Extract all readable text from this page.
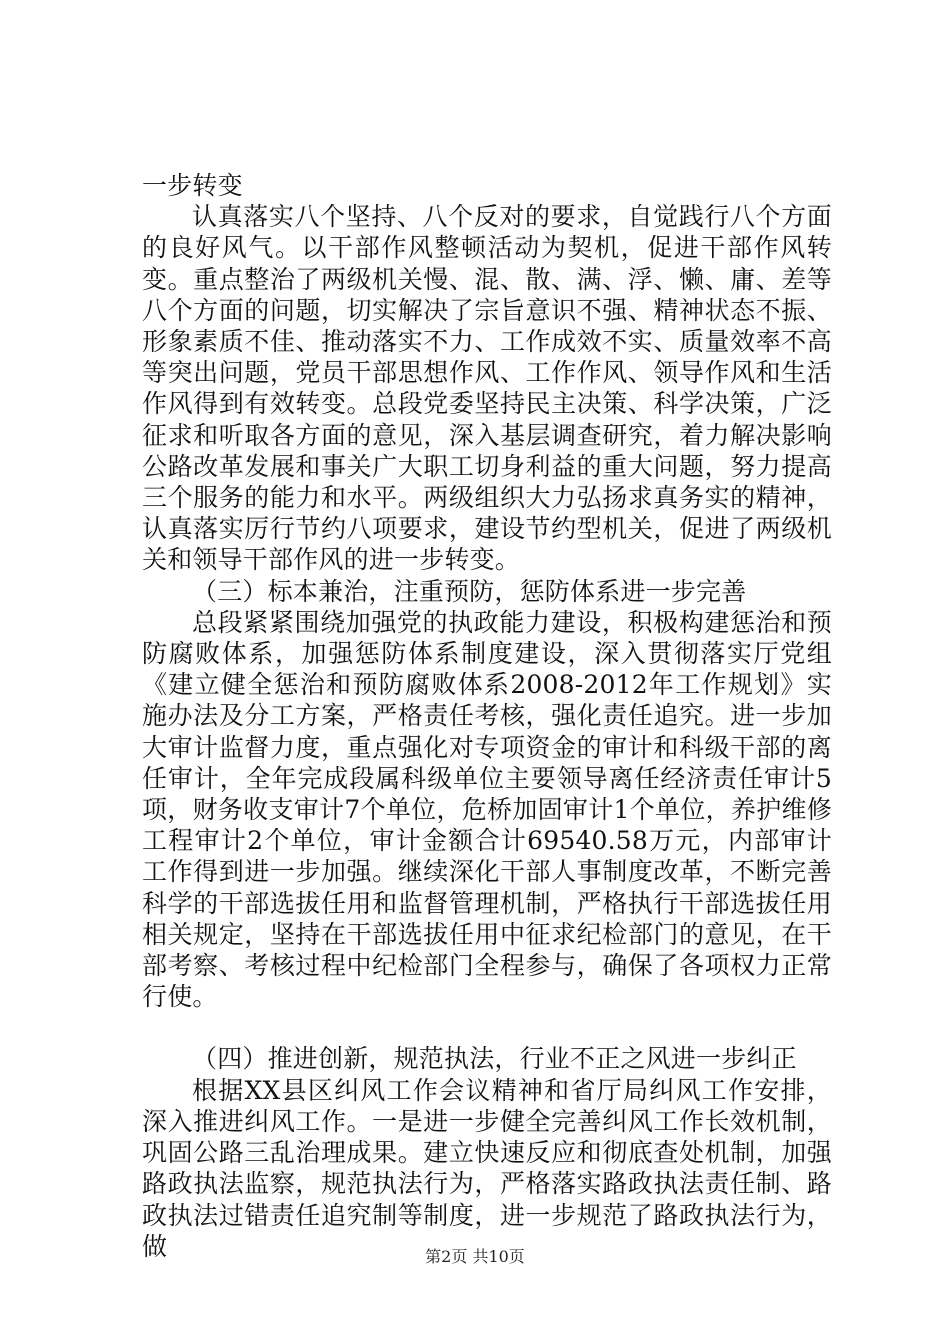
一步转变

认真落实八个坚持、八个反对的要求，自觉践行八个方面的良好风气。以干部作风整顿活动为契机，促进干部作风转变。重点整治了两级机关慢、混、散、满、浮、懒、庸、差等八个方面的问题，切实解决了宗旨意识不强、精神状态不振、形象素质不佳、推动落实不力、工作成效不实、质量效率不高等突出问题，党员干部思想作风、工作作风、领导作风和生活作风得到有效转变。总段党委坚持民主决策、科学决策，广泛征求和听取各方面的意见，深入基层调查研究，着力解决影响公路改革发展和事关广大职工切身利益的重大问题，努力提高三个服务的能力和水平。两级组织大力弘扬求真务实的精神，认真落实厉行节约八项要求，建设节约型机关，促进了两级机关和领导干部作风的进一步转变。

（三）标本兼治，注重预防，惩防体系进一步完善

总段紧紧围绕加强党的执政能力建设，积极构建惩治和预防腐败体系，加强惩防体系制度建设，深入贯彻落实厅党组《建立健全惩治和预防腐败体系2008-2012年工作规划》实施办法及分工方案，严格责任考核，强化责任追究。进一步加大审计监督力度，重点强化对专项资金的审计和科级干部的离任审计，全年完成段属科级单位主要领导离任经济责任审计5项，财务收支审计7个单位，危桥加固审计1个单位，养护维修工程审计2个单位，审计金额合计69540.58万元，内部审计工作得到进一步加强。继续深化干部人事制度改革，不断完善科学的干部选拔任用和监督管理机制，严格执行干部选拔任用相关规定，坚持在干部选拔任用中征求纪检部门的意见，在干部考察、考核过程中纪检部门全程参与，确保了各项权力正常行使。

（四）推进创新，规范执法，行业不正之风进一步纠正

根据XX县区纠风工作会议精神和省厅局纠风工作安排，深入推进纠风工作。一是进一步健全完善纠风工作长效机制，巩固公路三乱治理成果。建立快速反应和彻底查处机制，加强路政执法监察，规范执法行为，严格落实路政执法责任制、路政执法过错责任追究制等制度，进一步规范了路政执法行为，做	第2页 共10页
